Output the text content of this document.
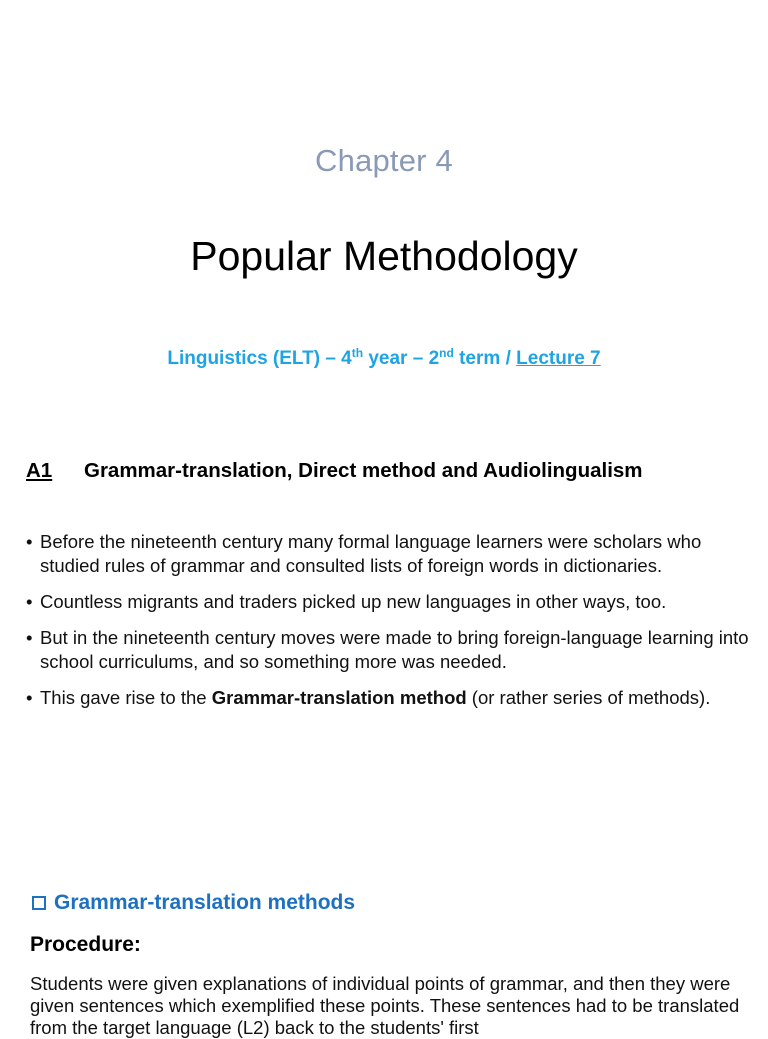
Chapter 4
Popular Methodology
Linguistics (ELT) – 4th year – 2nd term / Lecture 7
A1	Grammar-translation, Direct method and Audiolingualism
• Before the nineteenth century many formal language learners were scholars who studied rules of grammar and consulted lists of foreign words in dictionaries.
• Countless migrants and traders picked up new languages in other ways, too.
• But in the nineteenth century moves were made to bring foreign-language learning into school curriculums, and so something more was needed.
• This gave rise to the Grammar-translation method (or rather series of methods).
Grammar-translation methods
Procedure:
Students were given explanations of individual points of grammar, and then they were given sentences which exemplified these points. These sentences had to be translated from the target language (L2) back to the students' first
